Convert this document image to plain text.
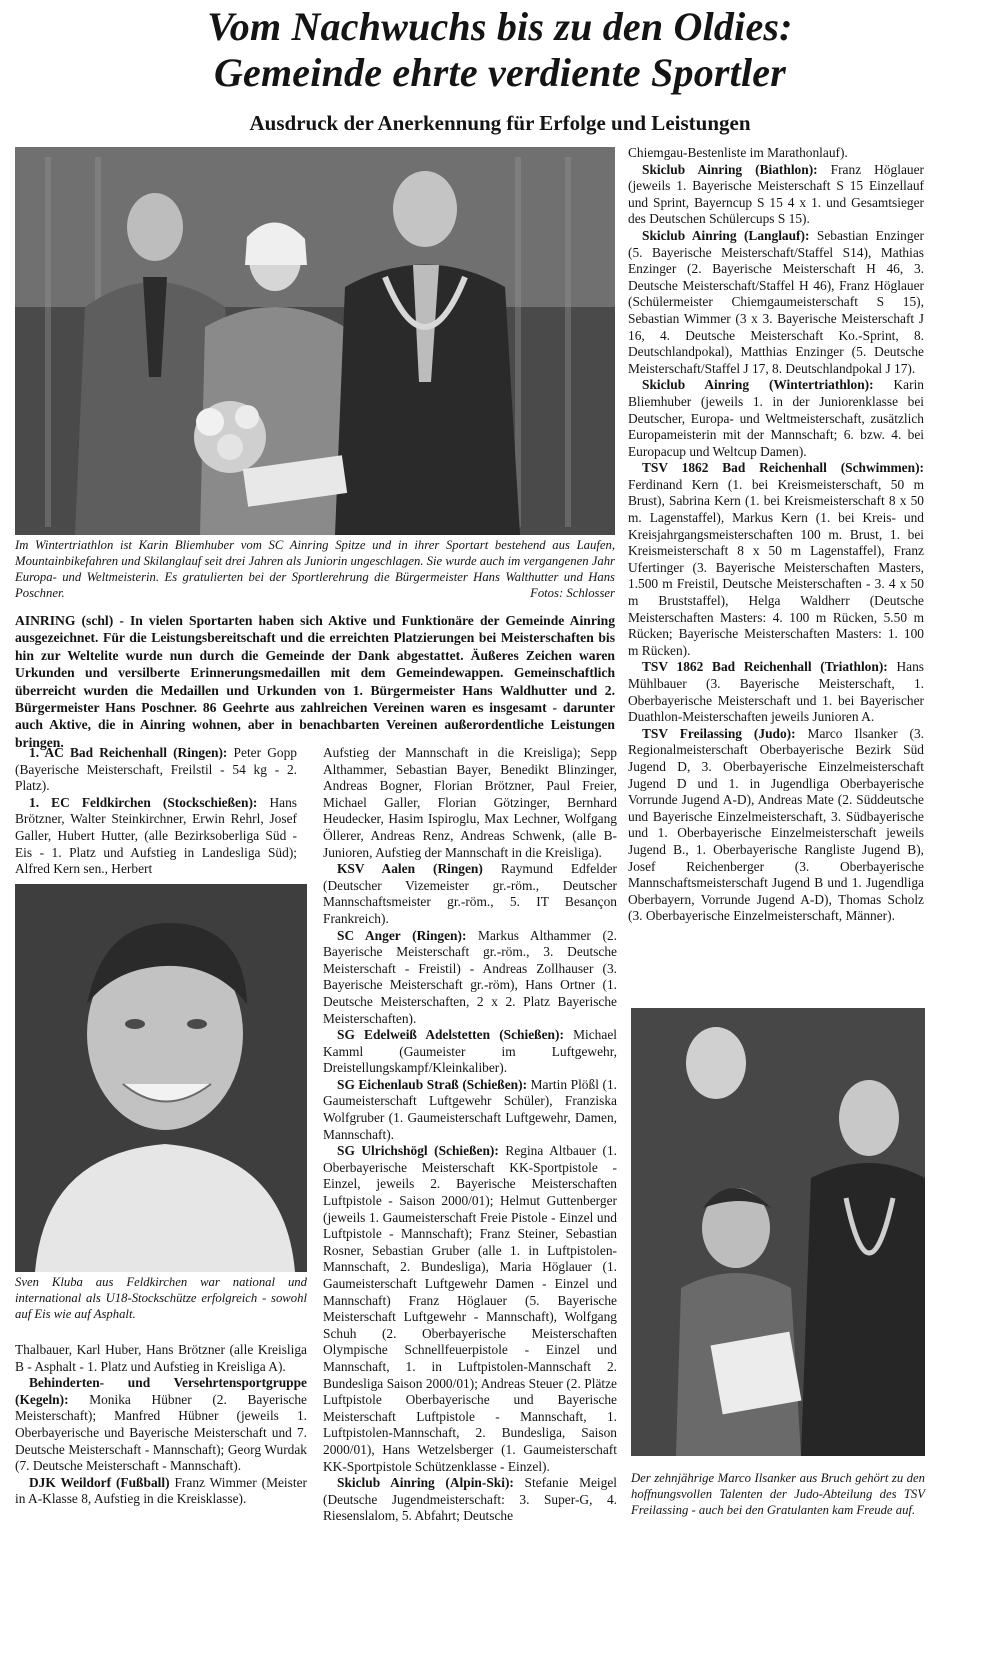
Vom Nachwuchs bis zu den Oldies:
Gemeinde ehrte verdiente Sportler
Ausdruck der Anerkennung für Erfolge und Leistungen
Im Wintertriathlon ist Karin Bliemhuber vom SC Ainring Spitze und in ihrer Sportart bestehend aus Laufen, Mountainbikefahren und Skilanglauf seit drei Jahren als Juniorin ungeschlagen. Sie wurde auch im vergangenen Jahr Europa- und Weltmeisterin. Es gratulierten bei der Sportlerehrung die Bürgermeister Hans Walthutter und Hans Poschner.	Fotos: Schlosser
AINRING (schl) - In vielen Sportarten haben sich Aktive und Funktionäre der Gemeinde Ainring ausgezeichnet. Für die Leistungsbereitschaft und die erreichten Platzierungen bei Meisterschaften bis hin zur Weltelite wurde nun durch die Gemeinde der Dank abgestattet. Äußeres Zeichen waren Urkunden und versilberte Erinnerungsmedaillen mit dem Gemeindewappen. Gemeinschaftlich überreicht wurden die Medaillen und Urkunden von 1. Bürgermeister Hans Waldhutter und 2. Bürgermeister Hans Poschner. 86 Geehrte aus zahlreichen Vereinen waren es insgesamt - darunter auch Aktive, die in Ainring wohnen, aber in benachbarten Vereinen außerordentliche Leistungen bringen.

1. AC Bad Reichenhall (Ringen): Peter Gopp (Bayerische Meisterschaft, Freilstil - 54 kg - 2. Platz).

1. EC Feldkirchen (Stockschießen): Hans Brötzner, Walter Steinkirchner, Erwin Rehrl, Josef Galler, Hubert Hutter, (alle Bezirksoberliga Süd - Eis - 1. Platz und Aufstieg in Landesliga Süd); Alfred Kern sen., Herbert

Sven Kluba aus Feldkirchen war national und international als U18-Stockschütze erfolgreich - sowohl auf Eis wie auf Asphalt.

Thalbauer, Karl Huber, Hans Brötzner (alle Kreisliga B - Asphalt - 1. Platz und Aufstieg in Kreisliga A).

Behinderten- und Versehrtensportgruppe (Kegeln): Monika Hübner (2. Bayerische Meisterschaft); Manfred Hübner (jeweils 1. Oberbayerische und Bayerische Meisterschaft und 7. Deutsche Meisterschaft - Mannschaft); Georg Wurdak (7. Deutsche Meisterschaft - Mannschaft).

DJK Weildorf (Fußball) Franz Wimmer (Meister in A-Klasse 8, Aufstieg in die Kreisklasse).

Aufstieg der Mannschaft in die Kreisliga); Sepp Althammer, Sebastian Bayer, Benedikt Blinzinger, Andreas Bogner, Florian Brötzner, Paul Freier, Michael Galler, Florian Götzinger, Bernhard Heudecker, Hasim Ispiroglu, Max Lechner, Wolfgang Öllerer, Andreas Renz, Andreas Schwenk, (alle B-Junioren, Aufstieg der Mannschaft in die Kreisliga).

KSV Aalen (Ringen) Raymund Edfelder (Deutscher Vizemeister gr.-röm., Deutscher Mannschaftsmeister gr.-röm., 5. IT Besançon Frankreich).

SC Anger (Ringen): Markus Althammer (2. Bayerische Meisterschaft gr.-röm., 3. Deutsche Meisterschaft - Freistil) - Andreas Zollhauser (3. Bayerische Meisterschaft gr.-röm), Hans Ortner (1. Deutsche Meisterschaften, 2 x 2. Platz Bayerische Meisterschaften).

SG Edelweiß Adelstetten (Schießen): Michael Kamml (Gaumeister im Luftgewehr, Dreistellungskampf/Kleinkaliber).

SG Eichenlaub Straß (Schießen): Martin Plößl (1. Gaumeisterschaft Luftgewehr Schüler), Franziska Wolfgruber (1. Gaumeisterschaft Luftgewehr, Damen, Mannschaft).

SG Ulrichshögl (Schießen): Regina Altbauer (1. Oberbayerische Meisterschaft KK-Sportpistole - Einzel, jeweils 2. Bayerische Meisterschaften Luftpistole - Saison 2000/01); Helmut Guttenberger (jeweils 1. Gaumeisterschaft Freie Pistole - Einzel und Luftpistole - Mannschaft); Franz Steiner, Sebastian Rosner, Sebastian Gruber (alle 1. in Luftpistolen-Mannschaft, 2. Bundesliga), Maria Höglauer (1. Gaumeisterschaft Luftgewehr Damen - Einzel und Mannschaft) Franz Höglauer (5. Bayerische Meisterschaft Luftgewehr - Mannschaft), Wolfgang Schuh (2. Oberbayerische Meisterschaften Olympische Schnellfeuerpistole - Einzel und Mannschaft, 1. in Luftpistolen-Mannschaft 2. Bundesliga Saison 2000/01); Andreas Steuer (2. Plätze Luftpistole Oberbayerische und Bayerische Meisterschaft Luftpistole - Mannschaft, 1. Luftpistolen-Mannschaft, 2. Bundesliga, Saison 2000/01), Hans Wetzelsberger (1. Gaumeisterschaft KK-Sportpistole Schützenklasse - Einzel).

Skiclub Ainring (Alpin-Ski): Stefanie Meigel (Deutsche Jugendmeisterschaft: 3. Super-G, 4. Riesenslalom, 5. Abfahrt; Deutsche

Chiemgau-Bestenliste im Marathonlauf).

Skiclub Ainring (Biathlon): Franz Höglauer (jeweils 1. Bayerische Meisterschaft S 15 Einzellauf und Sprint, Bayerncup S 15 4 x 1. und Gesamtsieger des Deutschen Schülercups S 15).

Skiclub Ainring (Langlauf): Sebastian Enzinger (5. Bayerische Meisterschaft/Staffel S14), Mathias Enzinger (2. Bayerische Meisterschaft H 46, 3. Deutsche Meisterschaft/Staffel H 46), Franz Höglauer (Schülermeister Chiemgaumeisterschaft S 15), Sebastian Wimmer (3 x 3. Bayerische Meisterschaft J 16, 4. Deutsche Meisterschaft Ko.-Sprint, 8. Deutschlandpokal), Matthias Enzinger (5. Deutsche Meisterschaft/Staffel J 17, 8. Deutschlandpokal J 17).

Skiclub Ainring (Wintertriathlon): Karin Bliemhuber (jeweils 1. in der Juniorenklasse bei Deutscher, Europa- und Weltmeisterschaft, zusätzlich Europameisterin mit der Mannschaft; 6. bzw. 4. bei Europacup und Weltcup Damen).

TSV 1862 Bad Reichenhall (Schwimmen): Ferdinand Kern (1. bei Kreismeisterschaft, 50 m Brust), Sabrina Kern (1. bei Kreismeisterschaft 8 x 50 m. Lagenstaffel), Markus Kern (1. bei Kreis- und Kreisjahrgangsmeisterschaften 100 m. Brust, 1. bei Kreismeisterschaft 8 x 50 m Lagenstaffel), Franz Ufertinger (3. Bayerische Meisterschaften Masters, 1.500 m Freistil, Deutsche Meisterschaften - 3. 4 x 50 m Bruststaffel), Helga Waldherr (Deutsche Meisterschaften Masters: 4. 100 m Rücken, 5.50 m Rücken; Bayerische Meisterschaften Masters: 1. 100 m Rücken).

TSV 1862 Bad Reichenhall (Triathlon): Hans Mühlbauer (3. Bayerische Meisterschaft, 1. Oberbayerische Meisterschaft und 1. bei Bayerischer Duathlon-Meisterschaften jeweils Junioren A.

TSV Freilassing (Judo): Marco Ilsanker (3. Regionalmeisterschaft Oberbayerische Bezirk Süd Jugend D, 3. Oberbayerische Einzelmeisterschaft Jugend D und 1. in Jugendliga Oberbayerische Vorrunde Jugend A-D), Andreas Mate (2. Süddeutsche und Bayerische Einzelmeisterschaft, 3. Südbayerische und 1. Oberbayerische Einzelmeisterschaft jeweils Jugend B., 1. Oberbayerische Rangliste Jugend B), Josef Reichenberger (3. Oberbayerische Mannschaftsmeisterschaft Jugend B und 1. Jugendliga Oberbayern, Vorrunde Jugend A-D), Thomas Scholz (3. Oberbayerische Einzelmeisterschaft, Männer).

Der zehnjährige Marco Ilsanker aus Bruch gehört zu den hoffnungsvollen Talenten der Judo-Abteilung des TSV Freilassing - auch bei den Gratulanten kam Freude auf.
